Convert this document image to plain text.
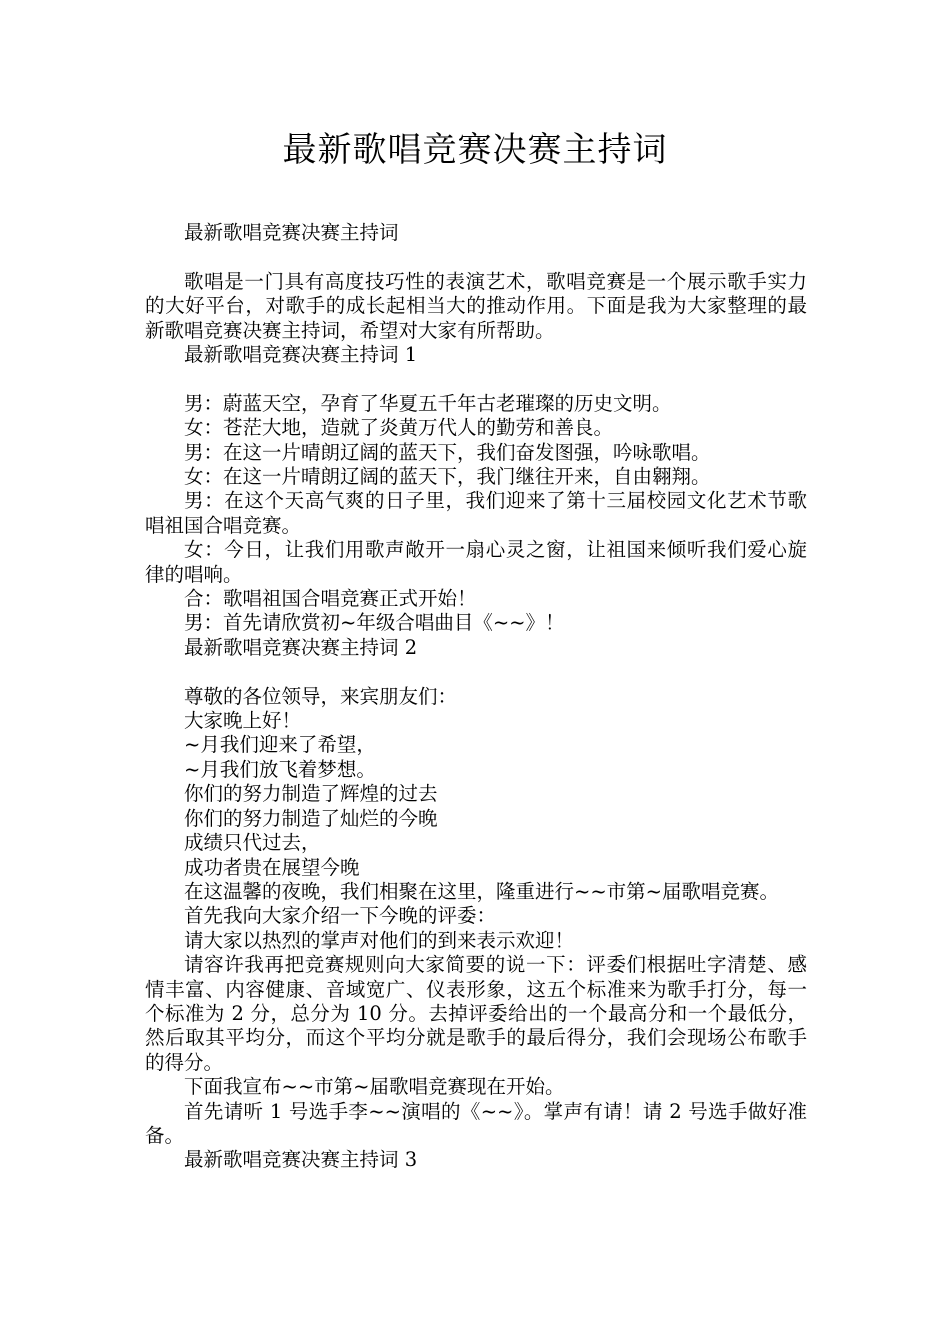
最新歌唱竞赛决赛主持词

最新歌唱竞赛决赛主持词

歌唱是一门具有高度技巧性的表演艺术，歌唱竞赛是一个展示歌手实力的大好平台，对歌手的成长起相当大的推动作用。下面是我为大家整理的最新歌唱竞赛决赛主持词，希望对大家有所帮助。

最新歌唱竞赛决赛主持词 1

男：蔚蓝天空，孕育了华夏五千年古老璀璨的历史文明。

女：苍茫大地，造就了炎黄万代人的勤劳和善良。

男：在这一片晴朗辽阔的蓝天下，我们奋发图强，吟咏歌唱。

女：在这一片晴朗辽阔的蓝天下，我门继往开来，自由翱翔。

男：在这个天高气爽的日子里，我们迎来了第十三届校园文化艺术节歌唱祖国合唱竞赛。

女：今日，让我们用歌声敞开一扇心灵之窗，让祖国来倾听我们爱心旋律的唱响。

合：歌唱祖国合唱竞赛正式开始！

男：首先请欣赏初~年级合唱曲目《~~》！

最新歌唱竞赛决赛主持词 2

尊敬的各位领导，来宾朋友们：

大家晚上好！

~月我们迎来了希望，

~月我们放飞着梦想。

你们的努力制造了辉煌的过去

你们的努力制造了灿烂的今晚

成绩只代过去，

成功者贵在展望今晚

在这温馨的夜晚，我们相聚在这里，隆重进行~~市第~届歌唱竞赛。

首先我向大家介绍一下今晚的评委：

请大家以热烈的掌声对他们的到来表示欢迎！

请容许我再把竞赛规则向大家简要的说一下：评委们根据吐字清楚、感情丰富、内容健康、音域宽广、仪表形象，这五个标准来为歌手打分，每一个标准为 2 分，总分为 10 分。去掉评委给出的一个最高分和一个最低分，然后取其平均分，而这个平均分就是歌手的最后得分，我们会现场公布歌手的得分。

下面我宣布~~市第~届歌唱竞赛现在开始。

首先请听 1 号选手李~~演唱的《~~》。掌声有请！请 2 号选手做好准备。

最新歌唱竞赛决赛主持词 3
